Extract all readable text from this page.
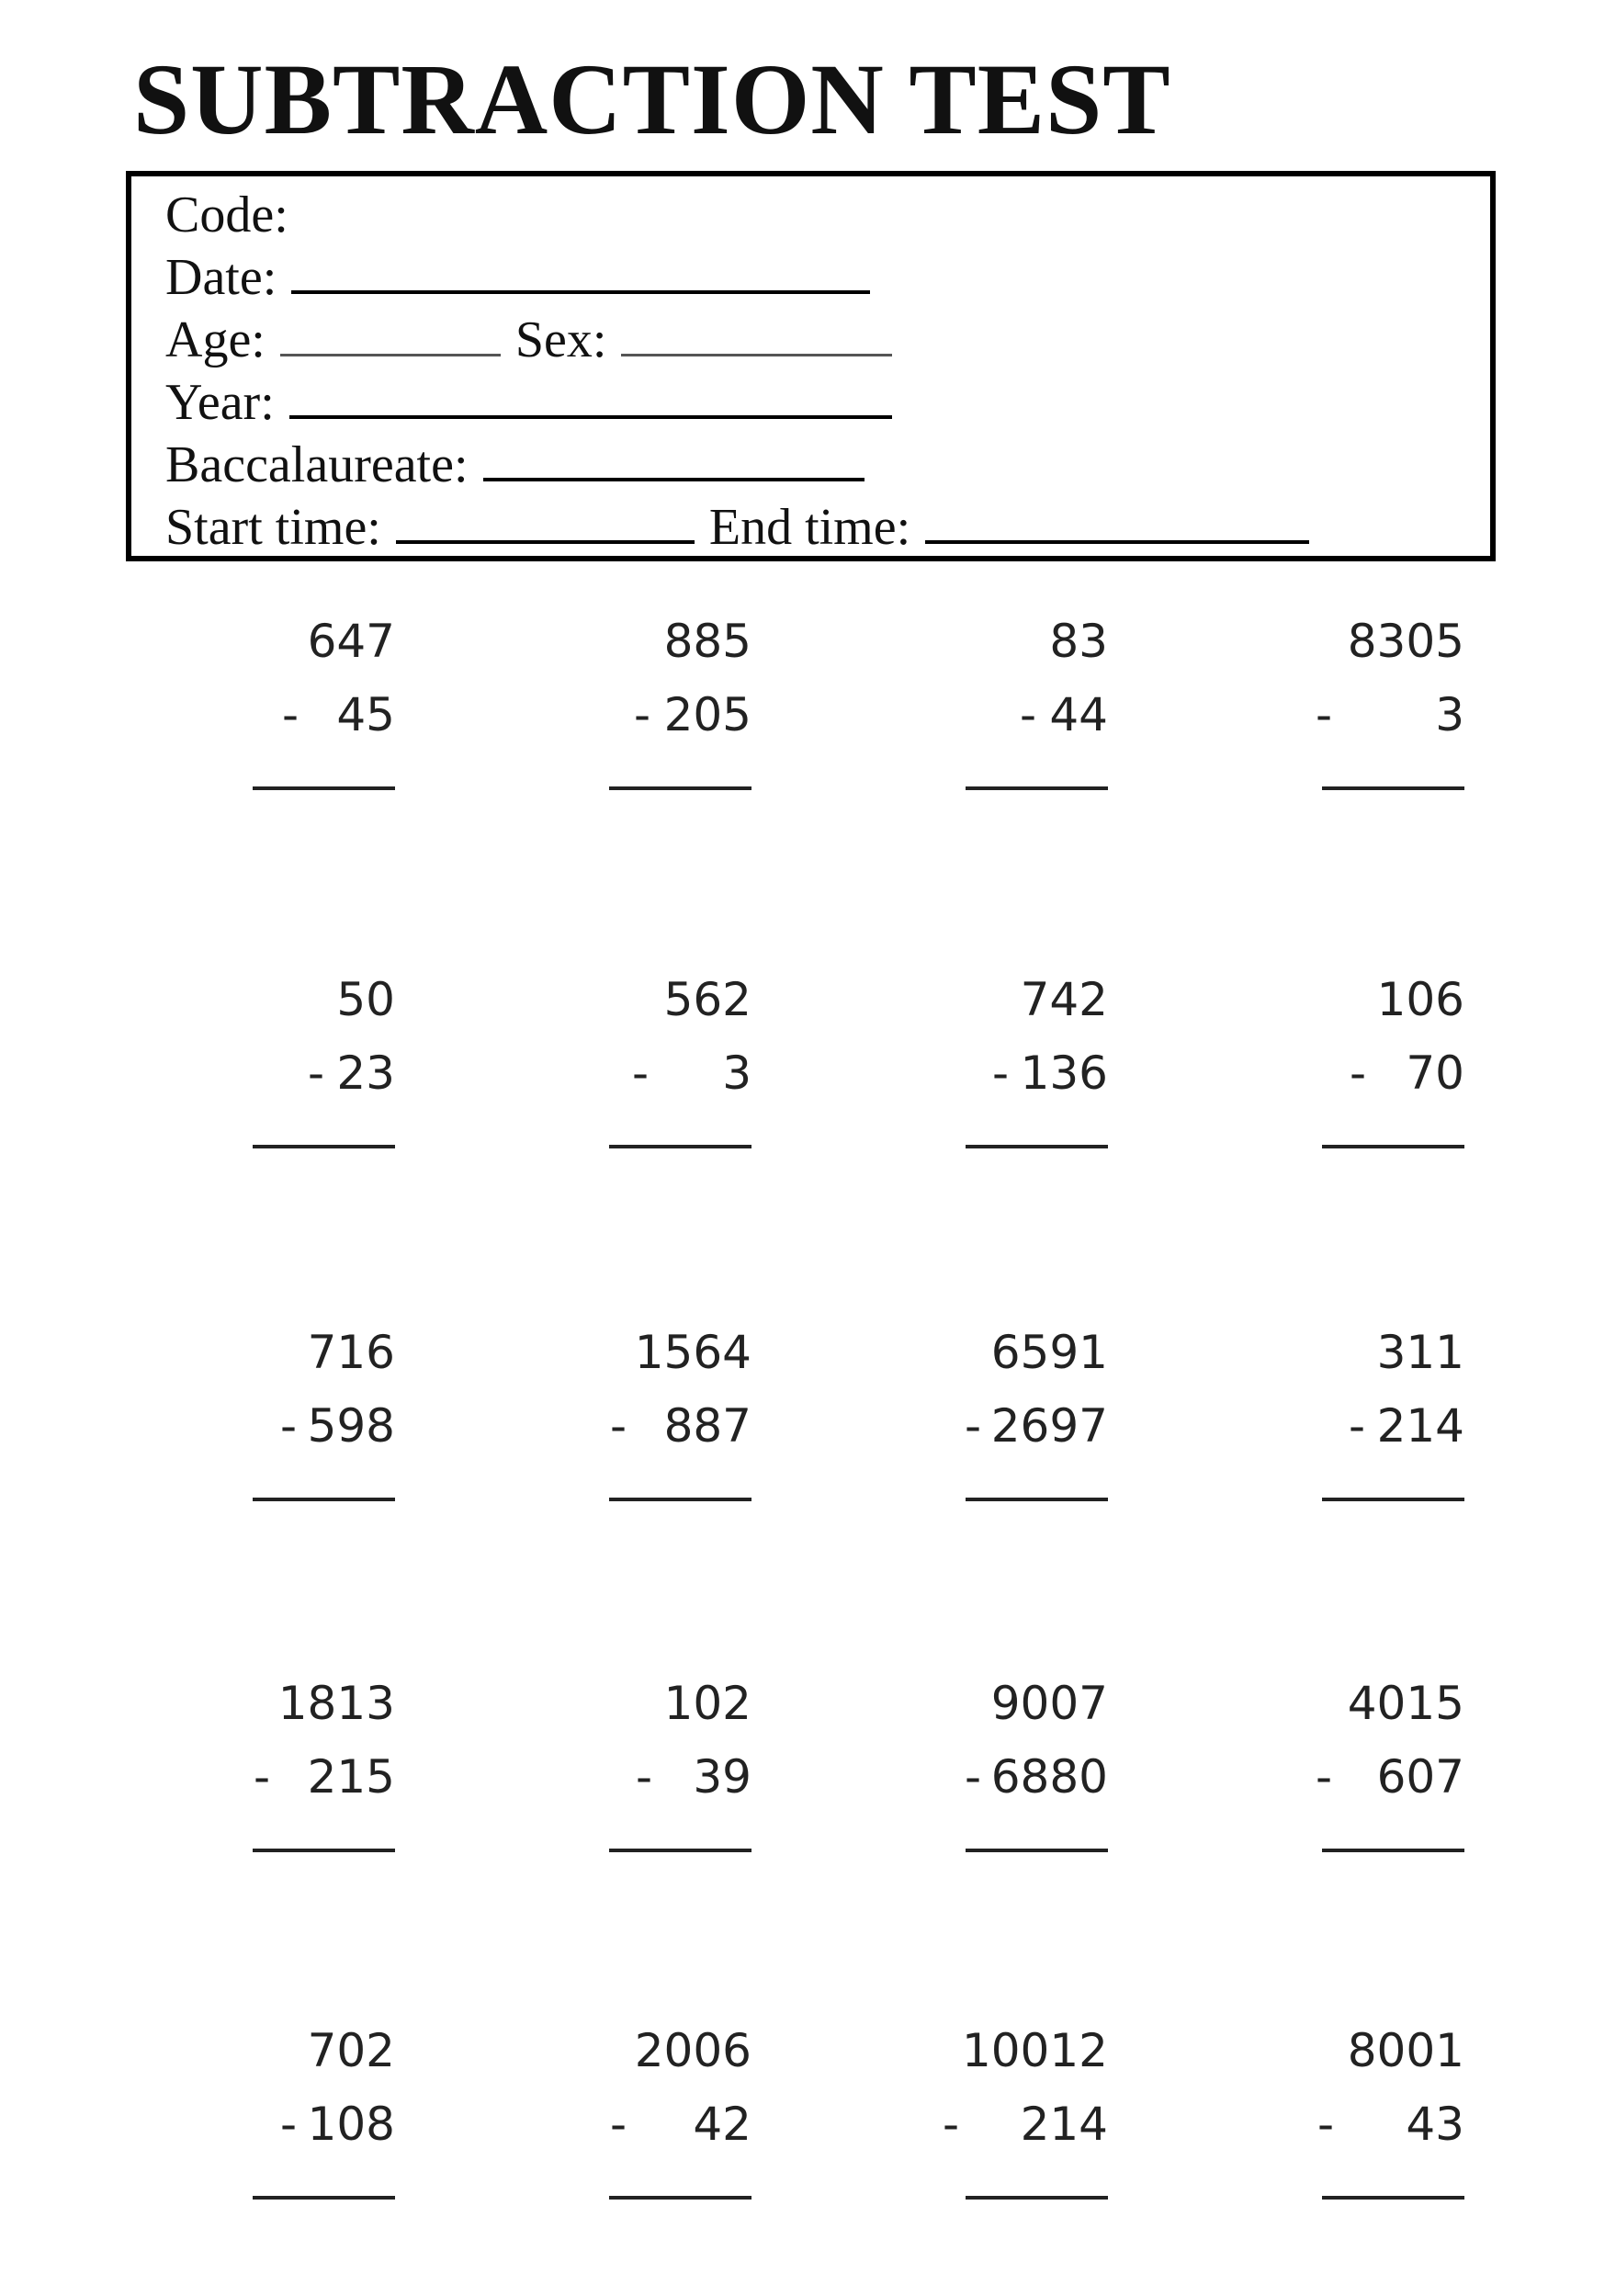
SUBTRACTION TEST
Code:
Date:
Age:	Sex:
Year:
Baccalaureate:
Start time:	End time:
647
- 45
885
- 205
83
- 44
8305
- 3
50
- 23
562
- 3
742
- 136
106
- 70
716
- 598
1564
- 887
6591
- 2697
311
- 214
1813
- 215
102
- 39
9007
- 6880
4015
- 607
702
- 108
2006
- 42
10012
- 214
8001
- 43
